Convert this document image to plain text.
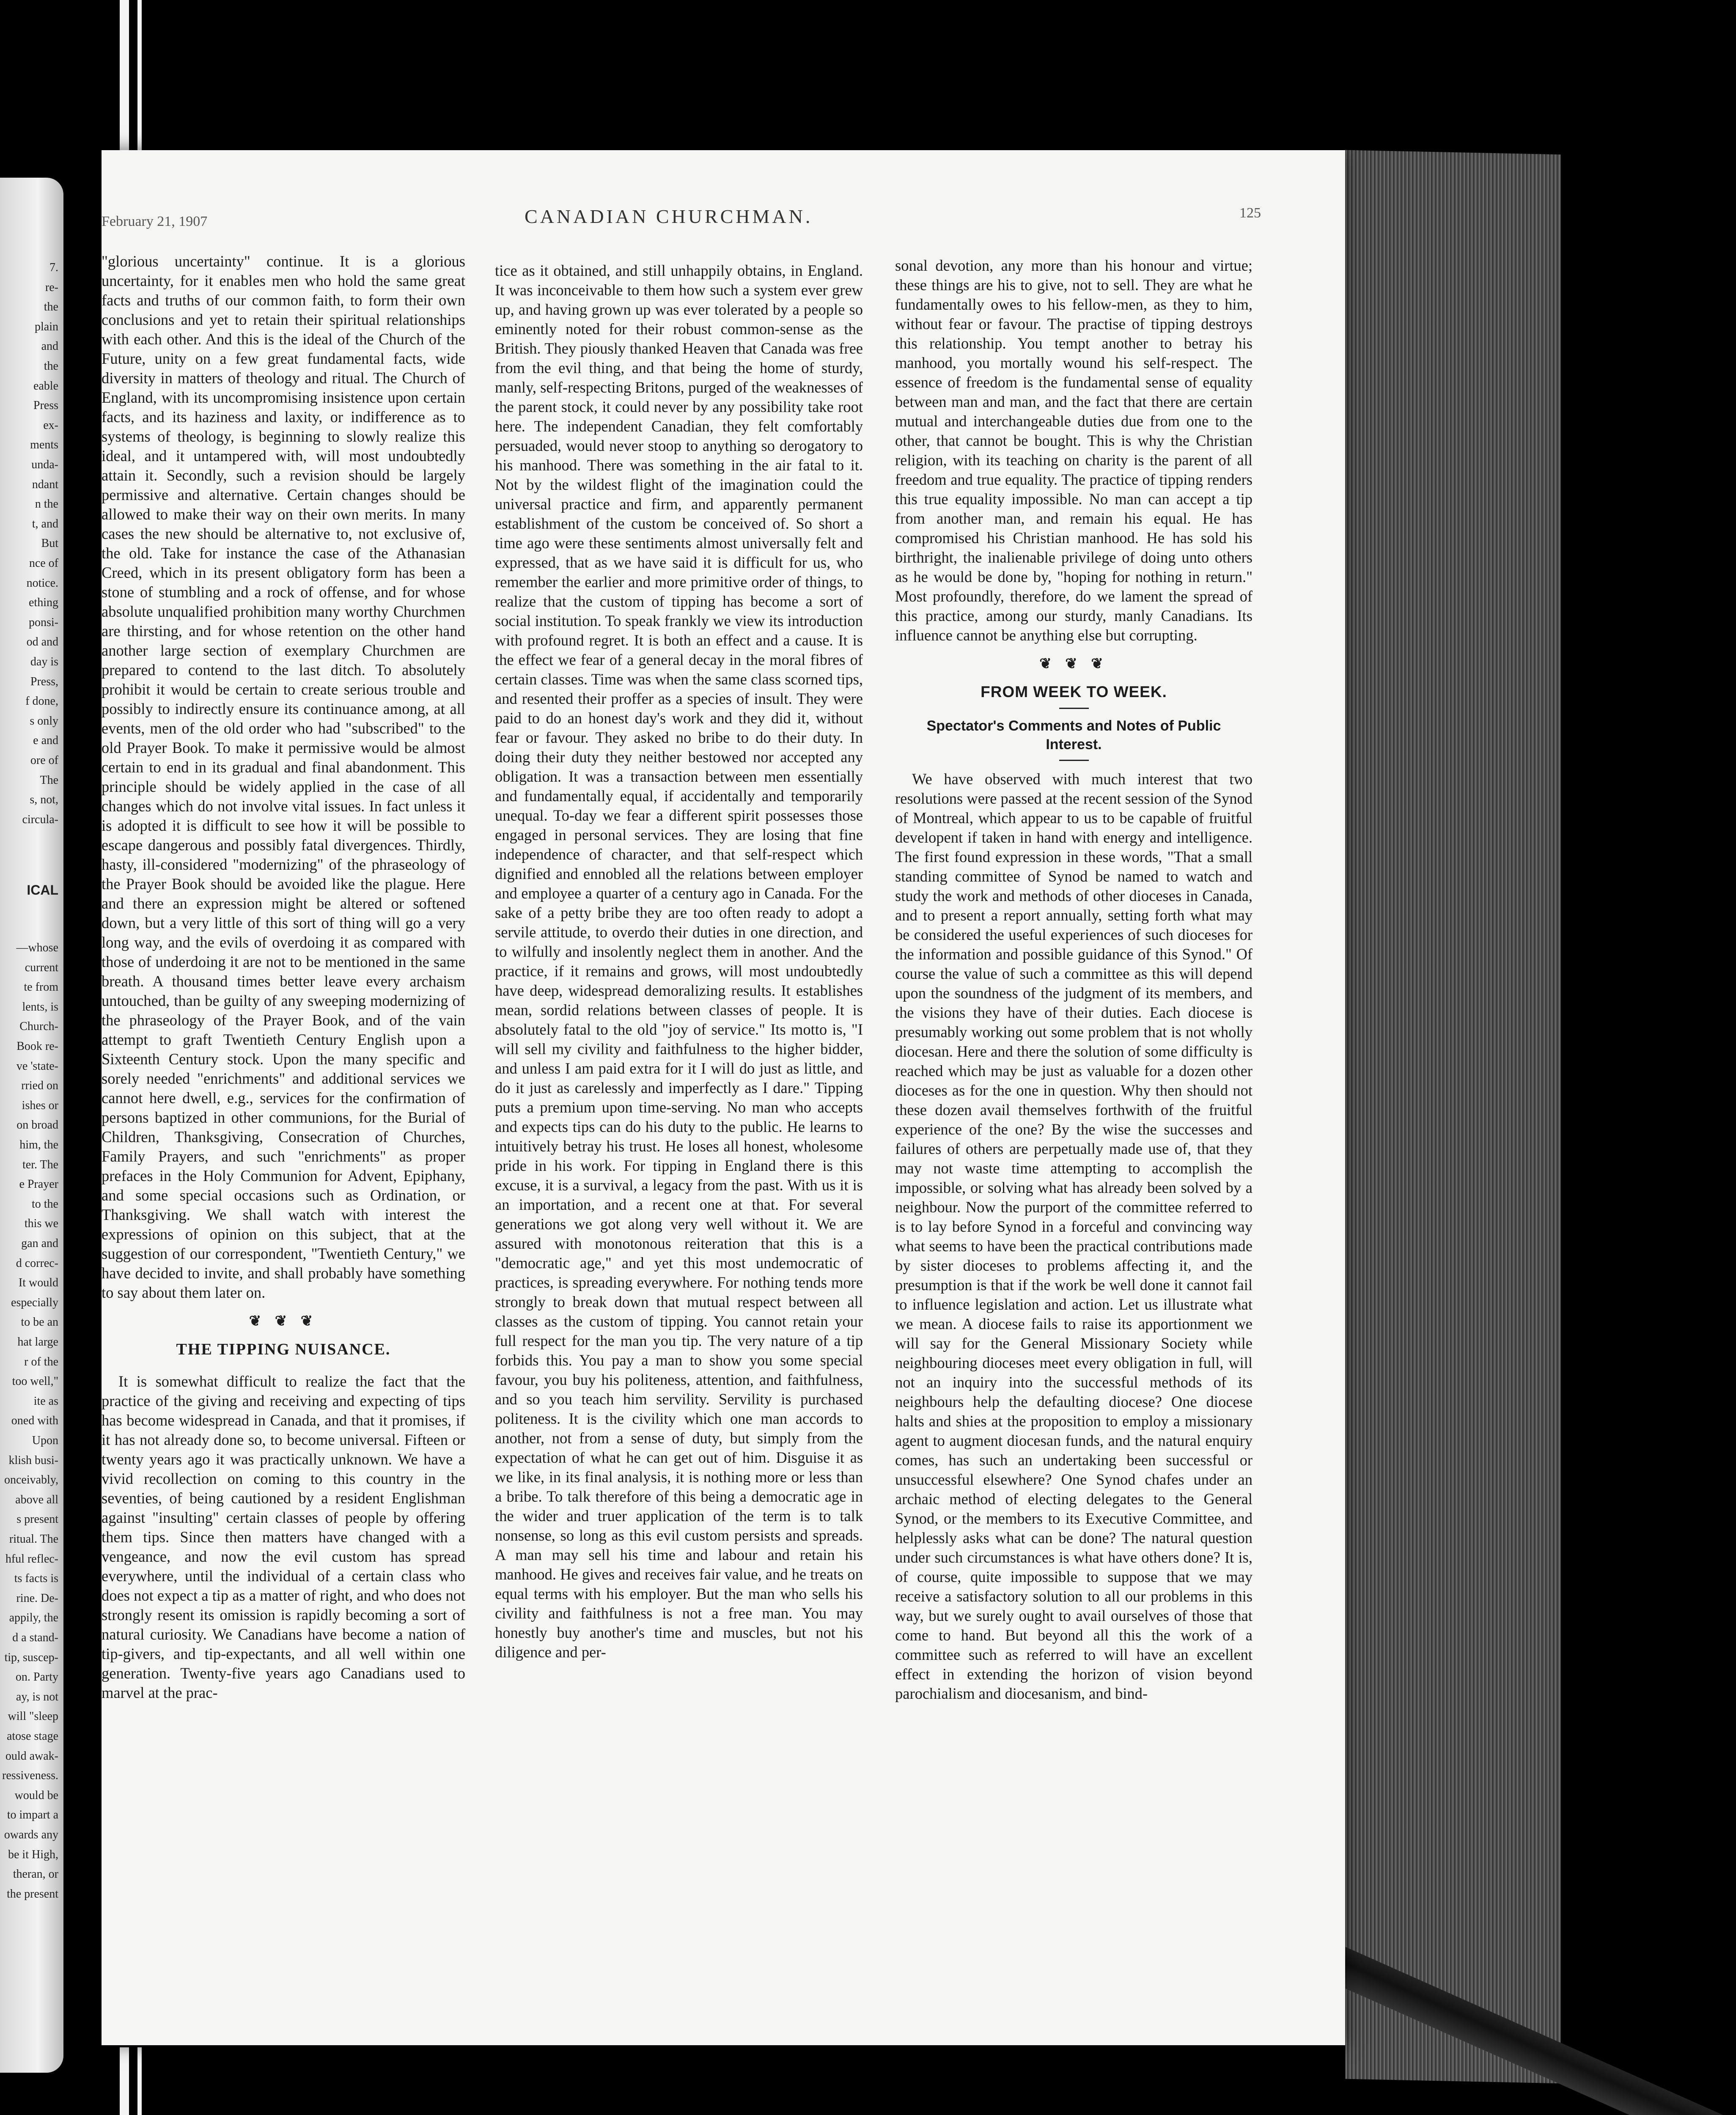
7.
re-
the
plain
and
the
eable
Press
ex-
ments
unda-
ndant
n the
t, and
But
nce of
notice.
ething
ponsi-
od and
day is
Press,
f done,
s only
e and
ore of
The
s, not,
circula-
ICAL
—whose
current
te from
lents, is
Church-
Book re-
ve 'state-
rried on
ishes or
on broad
him, the
ter. The
e Prayer
to the
this we
gan and
d correc-
It would
especially
to be an
hat large
r of the
too well,"
ite as
oned with
Upon
klish busi-
onceivably,
above all
s present
ritual. The
hful reflec-
ts facts is
rine. De-
appily, the
d a stand-
tip, suscep-
on. Party
ay, is not
will "sleep
atose stage
ould awak-
ressiveness.
would be
to impart a
owards any
be it High,
theran, or
the present
February 21, 1907	CANADIAN CHURCHMAN.	125

"glorious uncertainty" continue. It is a glorious uncertainty, for it enables men who hold the same great facts and truths of our common faith, to form their own conclusions and yet to retain their spiritual relationships with each other. And this is the ideal of the Church of the Future, unity on a few great fundamental facts, wide diversity in matters of theology and ritual. The Church of England, with its uncompromising insistence upon certain facts, and its haziness and laxity, or indifference as to systems of theology, is beginning to slowly realize this ideal, and it untampered with, will most undoubtedly attain it. Secondly, such a revision should be largely permissive and alternative. Certain changes should be allowed to make their way on their own merits. In many cases the new should be alternative to, not exclusive of, the old. Take for instance the case of the Athanasian Creed, which in its present obligatory form has been a stone of stumbling and a rock of offense, and for whose absolute unqualified prohibition many worthy Churchmen are thirsting, and for whose retention on the other hand another large section of exemplary Churchmen are prepared to contend to the last ditch. To absolutely prohibit it would be certain to create serious trouble and possibly to indirectly ensure its continuance among, at all events, men of the old order who had "subscribed" to the old Prayer Book. To make it permissive would be almost certain to end in its gradual and final abandonment. This principle should be widely applied in the case of all changes which do not involve vital issues. In fact unless it is adopted it is difficult to see how it will be possible to escape dangerous and possibly fatal divergences. Thirdly, hasty, ill-considered "modernizing" of the phraseology of the Prayer Book should be avoided like the plague. Here and there an expression might be altered or softened down, but a very little of this sort of thing will go a very long way, and the evils of overdoing it as compared with those of underdoing it are not to be mentioned in the same breath. A thousand times better leave every archaism untouched, than be guilty of any sweeping modernizing of the phraseology of the Prayer Book, and of the vain attempt to graft Twentieth Century English upon a Sixteenth Century stock. Upon the many specific and sorely needed "enrichments" and additional services we cannot here dwell, e.g., services for the confirmation of persons baptized in other communions, for the Burial of Children, Thanksgiving, Consecration of Churches, Family Prayers, and such "enrichments" as proper prefaces in the Holy Communion for Advent, Epiphany, and some special occasions such as Ordination, or Thanksgiving. We shall watch with interest the expressions of opinion on this subject, that at the suggestion of our correspondent, "Twentieth Century," we have decided to invite, and shall probably have something to say about them later on.

❦ ❦ ❦
THE TIPPING NUISANCE.

It is somewhat difficult to realize the fact that the practice of the giving and receiving and expecting of tips has become widespread in Canada, and that it promises, if it has not already done so, to become universal. Fifteen or twenty years ago it was practically unknown. We have a vivid recollection on coming to this country in the seventies, of being cautioned by a resident Englishman against "insulting" certain classes of people by offering them tips. Since then matters have changed with a vengeance, and now the evil custom has spread everywhere, until the individual of a certain class who does not expect a tip as a matter of right, and who does not strongly resent its omission is rapidly becoming a sort of natural curiosity. We Canadians have become a nation of tip-givers, and tip-expectants, and all well within one generation. Twenty-five years ago Canadians used to marvel at the prac-

tice as it obtained, and still unhappily obtains, in England. It was inconceivable to them how such a system ever grew up, and having grown up was ever tolerated by a people so eminently noted for their robust common-sense as the British. They piously thanked Heaven that Canada was free from the evil thing, and that being the home of sturdy, manly, self-respecting Britons, purged of the weaknesses of the parent stock, it could never by any possibility take root here. The independent Canadian, they felt comfortably persuaded, would never stoop to anything so derogatory to his manhood. There was something in the air fatal to it. Not by the wildest flight of the imagination could the universal practice and firm, and apparently permanent establishment of the custom be conceived of. So short a time ago were these sentiments almost universally felt and expressed, that as we have said it is difficult for us, who remember the earlier and more primitive order of things, to realize that the custom of tipping has become a sort of social institution. To speak frankly we view its introduction with profound regret. It is both an effect and a cause. It is the effect we fear of a general decay in the moral fibres of certain classes. Time was when the same class scorned tips, and resented their proffer as a species of insult. They were paid to do an honest day's work and they did it, without fear or favour. They asked no bribe to do their duty. In doing their duty they neither bestowed nor accepted any obligation. It was a transaction between men essentially and fundamentally equal, if accidentally and temporarily unequal. To-day we fear a different spirit possesses those engaged in personal services. They are losing that fine independence of character, and that self-respect which dignified and ennobled all the relations between employer and employee a quarter of a century ago in Canada. For the sake of a petty bribe they are too often ready to adopt a servile attitude, to overdo their duties in one direction, and to wilfully and insolently neglect them in another. And the practice, if it remains and grows, will most undoubtedly have deep, widespread demoralizing results. It establishes mean, sordid relations between classes of people. It is absolutely fatal to the old "joy of service." Its motto is, "I will sell my civility and faithfulness to the higher bidder, and unless I am paid extra for it I will do just as little, and do it just as carelessly and imperfectly as I dare." Tipping puts a premium upon time-serving. No man who accepts and expects tips can do his duty to the public. He learns to intuitively betray his trust. He loses all honest, wholesome pride in his work. For tipping in England there is this excuse, it is a survival, a legacy from the past. With us it is an importation, and a recent one at that. For several generations we got along very well without it. We are assured with monotonous reiteration that this is a "democratic age," and yet this most undemocratic of practices, is spreading everywhere. For nothing tends more strongly to break down that mutual respect between all classes as the custom of tipping. You cannot retain your full respect for the man you tip. The very nature of a tip forbids this. You pay a man to show you some special favour, you buy his politeness, attention, and faithfulness, and so you teach him servility. Servility is purchased politeness. It is the civility which one man accords to another, not from a sense of duty, but simply from the expectation of what he can get out of him. Disguise it as we like, in its final analysis, it is nothing more or less than a bribe. To talk therefore of this being a democratic age in the wider and truer application of the term is to talk nonsense, so long as this evil custom persists and spreads. A man may sell his time and labour and retain his manhood. He gives and receives fair value, and he treats on equal terms with his employer. But the man who sells his civility and faithfulness is not a free man. You may honestly buy another's time and muscles, but not his diligence and per-

sonal devotion, any more than his honour and virtue; these things are his to give, not to sell. They are what he fundamentally owes to his fellow-men, as they to him, without fear or favour. The practise of tipping destroys this relationship. You tempt another to betray his manhood, you mortally wound his self-respect. The essence of freedom is the fundamental sense of equality between man and man, and the fact that there are certain mutual and interchangeable duties due from one to the other, that cannot be bought. This is why the Christian religion, with its teaching on charity is the parent of all freedom and true equality. The practice of tipping renders this true equality impossible. No man can accept a tip from another man, and remain his equal. He has compromised his Christian manhood. He has sold his birthright, the inalienable privilege of doing unto others as he would be done by, "hoping for nothing in return." Most profoundly, therefore, do we lament the spread of this practice, among our sturdy, manly Canadians. Its influence cannot be anything else but corrupting.

❦ ❦ ❦
FROM WEEK TO WEEK.
Spectator's Comments and Notes of Public Interest.

We have observed with much interest that two resolutions were passed at the recent session of the Synod of Montreal, which appear to us to be capable of fruitful developent if taken in hand with energy and intelligence. The first found expression in these words, "That a small standing committee of Synod be named to watch and study the work and methods of other dioceses in Canada, and to present a report annually, setting forth what may be considered the useful experiences of such dioceses for the information and possible guidance of this Synod." Of course the value of such a committee as this will depend upon the soundness of the judgment of its members, and the visions they have of their duties. Each diocese is presumably working out some problem that is not wholly diocesan. Here and there the solution of some difficulty is reached which may be just as valuable for a dozen other dioceses as for the one in question. Why then should not these dozen avail themselves forthwith of the fruitful experience of the one? By the wise the successes and failures of others are perpetually made use of, that they may not waste time attempting to accomplish the impossible, or solving what has already been solved by a neighbour. Now the purport of the committee referred to is to lay before Synod in a forceful and convincing way what seems to have been the practical contributions made by sister dioceses to problems affecting it, and the presumption is that if the work be well done it cannot fail to influence legislation and action. Let us illustrate what we mean. A diocese fails to raise its apportionment we will say for the General Missionary Society while neighbouring dioceses meet every obligation in full, will not an inquiry into the successful methods of its neighbours help the defaulting diocese? One diocese halts and shies at the proposition to employ a missionary agent to augment diocesan funds, and the natural enquiry comes, has such an undertaking been successful or unsuccessful elsewhere? One Synod chafes under an archaic method of electing delegates to the General Synod, or the members to its Executive Committee, and helplessly asks what can be done? The natural question under such circumstances is what have others done? It is, of course, quite impossible to suppose that we may receive a satisfactory solution to all our problems in this way, but we surely ought to avail ourselves of those that come to hand. But beyond all this the work of a committee such as referred to will have an excellent effect in extending the horizon of vision beyond parochialism and diocesanism, and bind-
